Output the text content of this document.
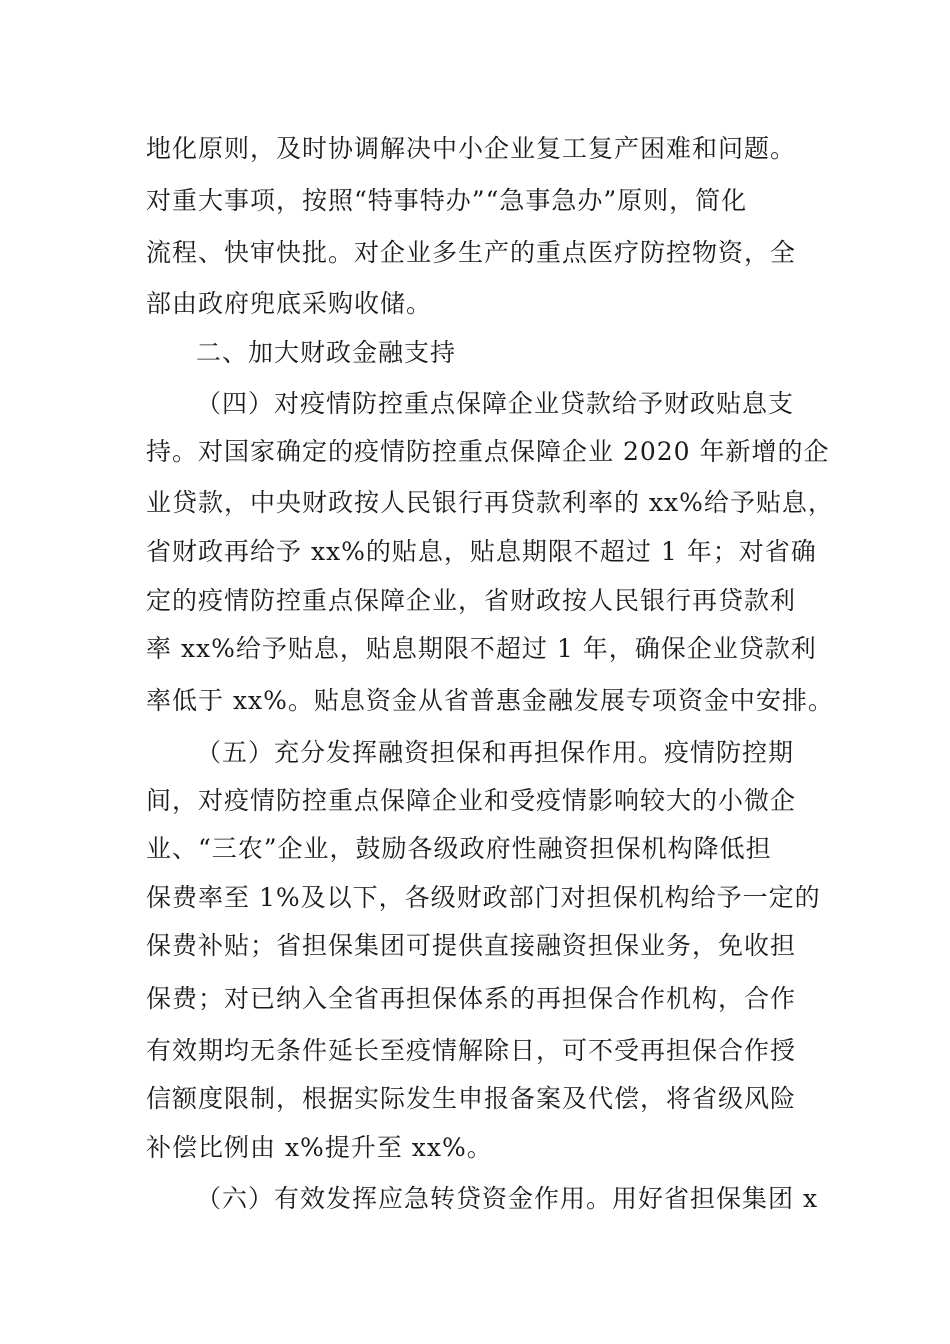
地化原则，及时协调解决中小企业复工复产困难和问题。
对重大事项，按照“特事特办”“急事急办”原则，简化
流程、快审快批。对企业多生产的重点医疗防控物资，全
部由政府兜底采购收储。
二、加大财政金融支持
（四）对疫情防控重点保障企业贷款给予财政贴息支
持。对国家确定的疫情防控重点保障企业 2020 年新增的企
业贷款，中央财政按人民银行再贷款利率的 xx%给予贴息，
省财政再给予 xx%的贴息，贴息期限不超过 1 年；对省确
定的疫情防控重点保障企业，省财政按人民银行再贷款利
率 xx%给予贴息，贴息期限不超过 1 年，确保企业贷款利
率低于 xx%。贴息资金从省普惠金融发展专项资金中安排。
（五）充分发挥融资担保和再担保作用。疫情防控期
间，对疫情防控重点保障企业和受疫情影响较大的小微企
业、“三农”企业，鼓励各级政府性融资担保机构降低担
保费率至 1%及以下，各级财政部门对担保机构给予一定的
保费补贴；省担保集团可提供直接融资担保业务，免收担
保费；对已纳入全省再担保体系的再担保合作机构，合作
有效期均无条件延长至疫情解除日，可不受再担保合作授
信额度限制，根据实际发生申报备案及代偿，将省级风险
补偿比例由 x%提升至 xx%。
（六）有效发挥应急转贷资金作用。用好省担保集团 x
